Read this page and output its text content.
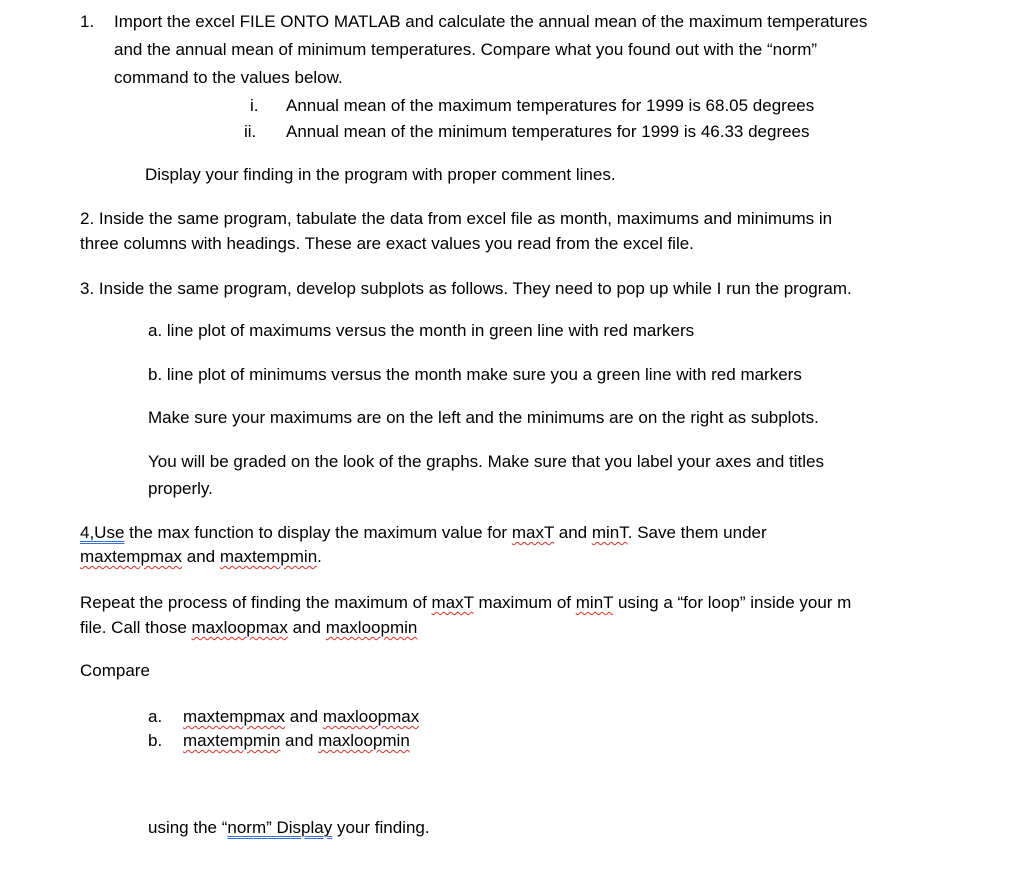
1. Import the excel FILE ONTO MATLAB and calculate the annual mean of the maximum temperatures
and the annual mean of minimum temperatures. Compare what you found out with the “norm”
command to the values below.
i. Annual mean of the maximum temperatures for 1999 is 68.05 degrees
ii. Annual mean of the minimum temperatures for 1999 is 46.33 degrees
Display your finding in the program with proper comment lines.
2. Inside the same program, tabulate the data from excel file as month, maximums and minimums in
three columns with headings. These are exact values you read from the excel file.
3. Inside the same program, develop subplots as follows. They need to pop up while I run the program.
a. line plot of maximums versus the month in green line with red markers
b. line plot of minimums versus the month make sure you a green line with red markers
Make sure your maximums are on the left and the minimums are on the right as subplots.
You will be graded on the look of the graphs. Make sure that you label your axes and titles
properly.
4,Use the max function to display the maximum value for maxT and minT. Save them under
maxtempmax and maxtempmin.
Repeat the process of finding the maximum of maxT maximum of minT using a “for loop” inside your m
file. Call those maxloopmax and maxloopmin
Compare
a. maxtempmax and maxloopmax
b. maxtempmin and maxloopmin
using the “norm” Display your finding.
